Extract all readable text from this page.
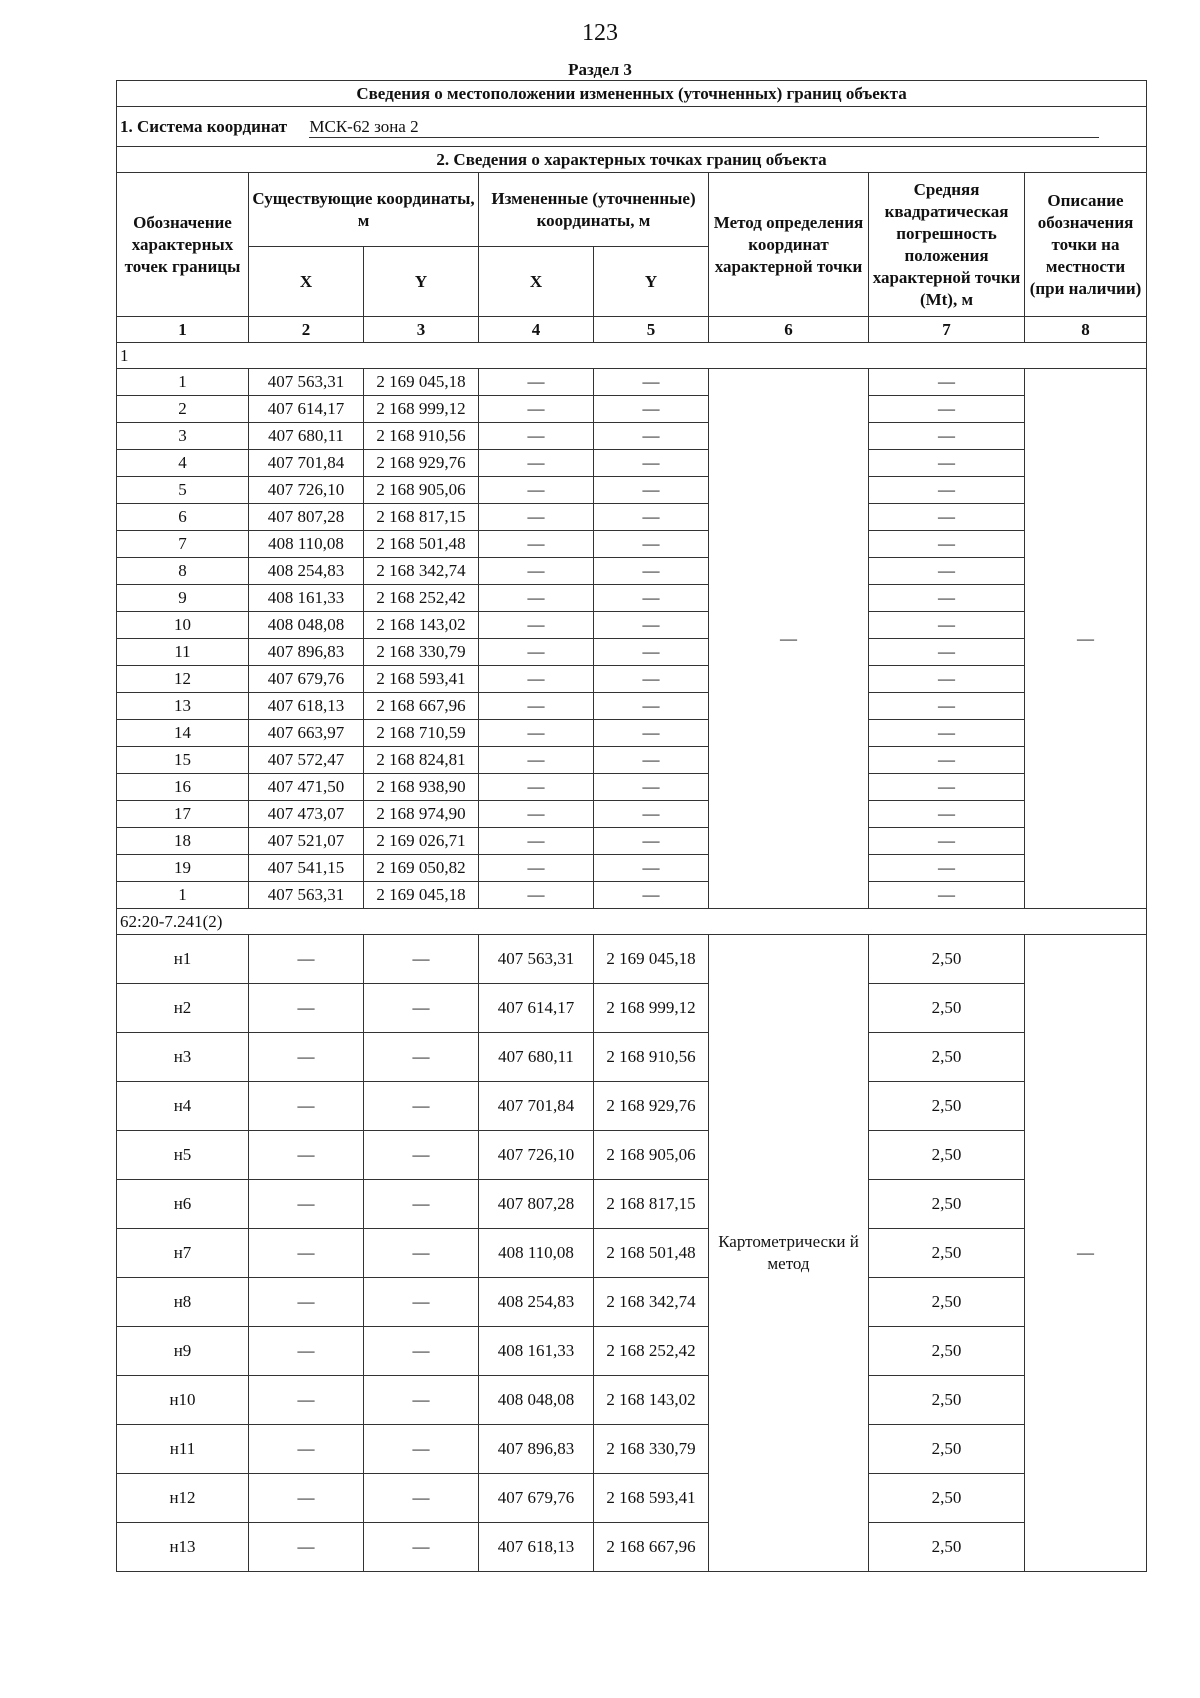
123
Раздел 3
Сведения о местоположении измененных (уточненных) границ объекта							
1. Система координат МСК-62 зона 2							
2. Сведения о характерных точках границ объекта							
Обозначение характерных точек границы	Существующие координаты, м		Измененные (уточненные) координаты, м		Метод определения координат характерной точки	Средняя квадратическая погрешность положения характерной точки (Mt), м	Описание обозначения точки на местности (при наличии)
	X	Y	X	Y			
1	2	3	4	5	6	7	8
1							
1	407 563,31	2 169 045,18	—	—	—	—	—
2	407 614,17	2 168 999,12	—	—		—	
3	407 680,11	2 168 910,56	—	—		—	
4	407 701,84	2 168 929,76	—	—		—	
5	407 726,10	2 168 905,06	—	—		—	
6	407 807,28	2 168 817,15	—	—		—	
7	408 110,08	2 168 501,48	—	—		—	
8	408 254,83	2 168 342,74	—	—		—	
9	408 161,33	2 168 252,42	—	—		—	
10	408 048,08	2 168 143,02	—	—		—	
11	407 896,83	2 168 330,79	—	—		—	
12	407 679,76	2 168 593,41	—	—		—	
13	407 618,13	2 168 667,96	—	—		—	
14	407 663,97	2 168 710,59	—	—		—	
15	407 572,47	2 168 824,81	—	—		—	
16	407 471,50	2 168 938,90	—	—		—	
17	407 473,07	2 168 974,90	—	—		—	
18	407 521,07	2 169 026,71	—	—		—	
19	407 541,15	2 169 050,82	—	—		—	
1	407 563,31	2 169 045,18	—	—		—	
62:20-7.241(2)							
н1	—	—	407 563,31	2 169 045,18	Картометрически й метод	2,50	—
н2	—	—	407 614,17	2 168 999,12		2,50	
н3	—	—	407 680,11	2 168 910,56		2,50	
н4	—	—	407 701,84	2 168 929,76		2,50	
н5	—	—	407 726,10	2 168 905,06		2,50	
н6	—	—	407 807,28	2 168 817,15		2,50	
н7	—	—	408 110,08	2 168 501,48		2,50	
н8	—	—	408 254,83	2 168 342,74		2,50	
н9	—	—	408 161,33	2 168 252,42		2,50	
н10	—	—	408 048,08	2 168 143,02		2,50	
н11	—	—	407 896,83	2 168 330,79		2,50	
н12	—	—	407 679,76	2 168 593,41		2,50	
н13	—	—	407 618,13	2 168 667,96		2,50	
